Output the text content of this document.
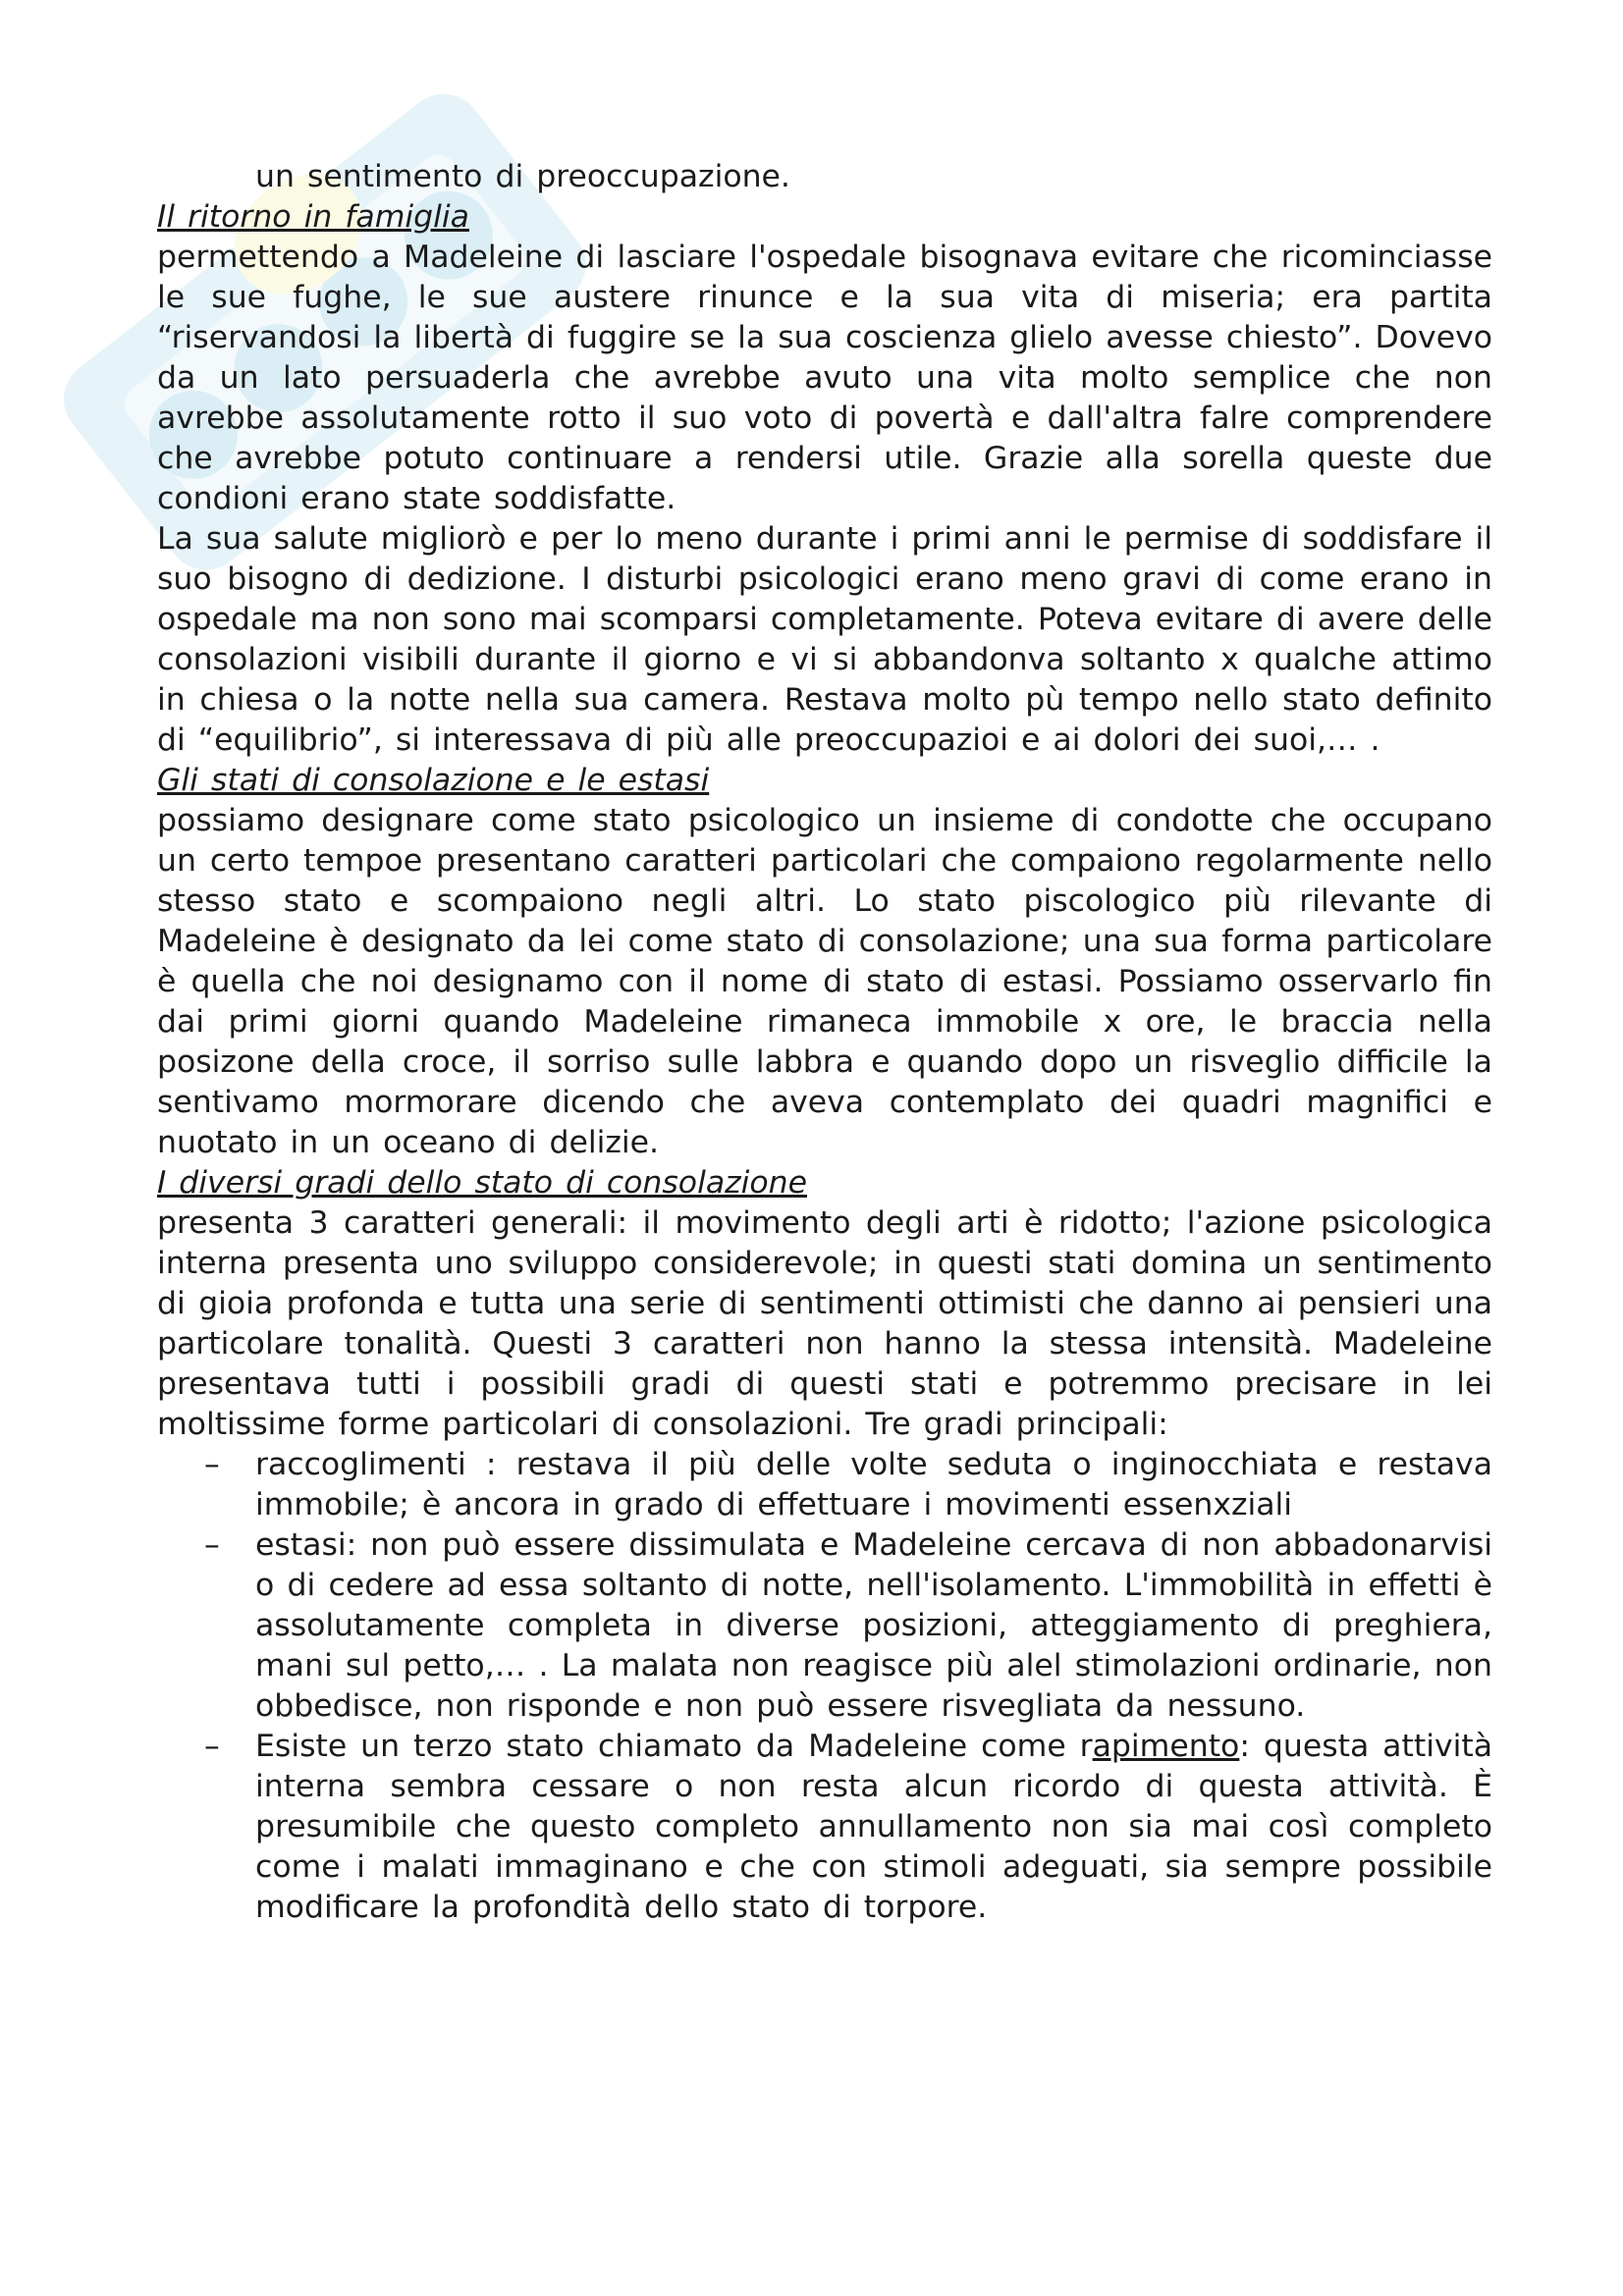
un sentimento di preoccupazione.

Il ritorno in famiglia

permettendo a Madeleine di lasciare l'ospedale bisognava evitare che ricominciasse le sue fughe, le sue austere rinunce e la sua vita di miseria; era partita “riservandosi la libertà di fuggire se la sua coscienza glielo avesse chiesto”. Dovevo da un lato persuaderla che avrebbe avuto una vita molto semplice che non avrebbe assolutamente rotto il suo voto di povertà e dall'altra falre comprendere che avrebbe potuto continuare a rendersi utile. Grazie alla sorella queste due condioni erano state soddisfatte.

La sua salute migliorò e per lo meno durante i primi anni le permise di soddisfare il suo bisogno di dedizione. I disturbi psicologici erano meno gravi di come erano in ospedale ma non sono mai scomparsi completamente. Poteva evitare di avere delle consolazioni visibili durante il giorno e vi si abbandonva soltanto x qualche attimo in chiesa o la notte nella sua camera. Restava molto pù tempo nello stato definito di “equilibrio”, si interessava di più alle preoccupazioi e ai dolori dei suoi,… .

Gli stati di consolazione e le estasi

possiamo designare come stato psicologico un insieme di condotte che occupano un certo tempoe presentano caratteri particolari che compaiono regolarmente nello stesso stato e scompaiono negli altri. Lo stato piscologico più rilevante di Madeleine è designato da lei come stato di consolazione; una sua forma particolare è quella che noi designamo con il nome di stato di estasi. Possiamo osservarlo fin dai primi giorni quando Madeleine rimaneca immobile x ore, le braccia nella posizone della croce, il sorriso sulle labbra e quando dopo un risveglio difficile la sentivamo mormorare dicendo che aveva contemplato dei quadri magnifici e nuotato in un oceano di delizie.

I diversi gradi dello stato di consolazione

presenta 3 caratteri generali: il movimento degli arti è ridotto; l'azione psicologica interna presenta uno sviluppo considerevole; in questi stati domina un sentimento di gioia profonda e tutta una serie di sentimenti ottimisti che danno ai pensieri una particolare tonalità. Questi 3 caratteri non hanno la stessa intensità. Madeleine presentava tutti i possibili gradi di questi stati e potremmo precisare in lei moltissime forme particolari di consolazioni. Tre gradi principali:

– raccoglimenti : restava il più delle volte seduta o inginocchiata e restava immobile; è ancora in grado di effettuare i movimenti essenxziali
– estasi: non può essere dissimulata e Madeleine cercava di non abbadonarvisi o di cedere ad essa soltanto di notte, nell'isolamento. L'immobilità in effetti è assolutamente completa in diverse posizioni, atteggiamento di preghiera, mani sul petto,… . La malata non reagisce più alel stimolazioni ordinarie, non obbedisce, non risponde e non può essere risvegliata da nessuno.
– Esiste un terzo stato chiamato da Madeleine come rapimento: questa attività interna sembra cessare o non resta alcun ricordo di questa attività. È presumibile che questo completo annullamento non sia mai così completo come i malati immaginano e che con stimoli adeguati, sia sempre possibile modificare la profondità dello stato di torpore.
